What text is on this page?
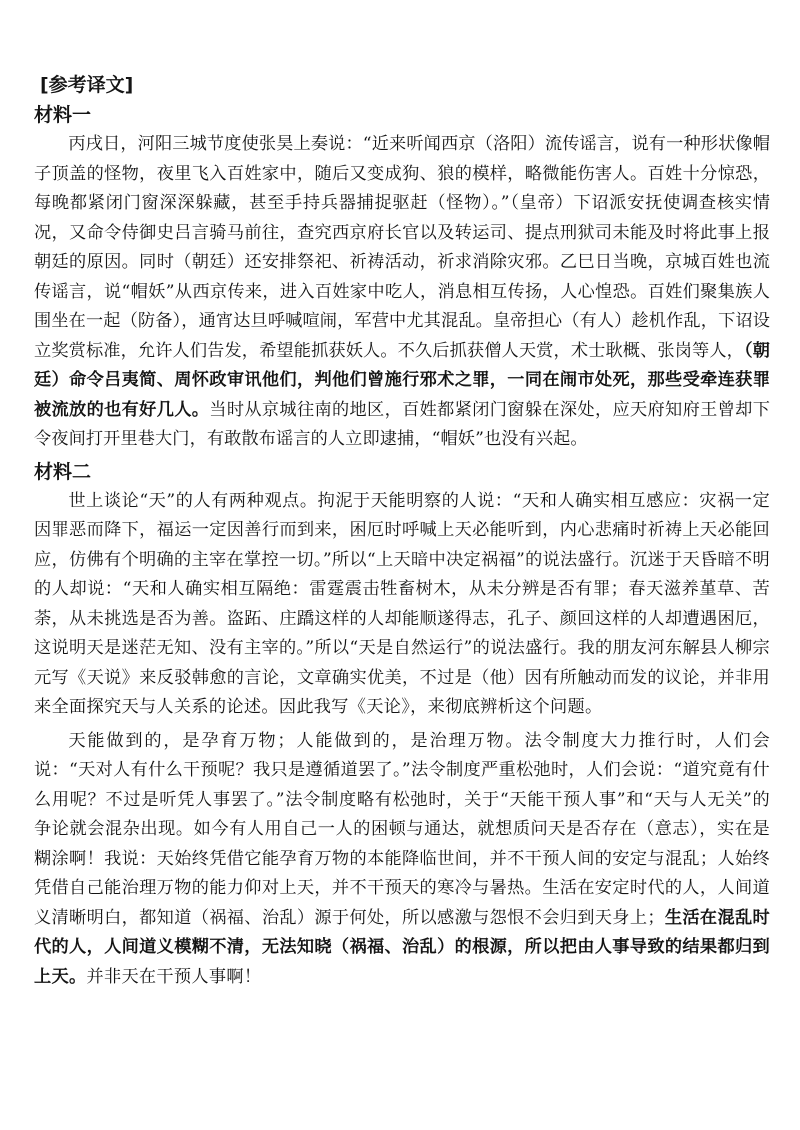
[参考译文]
材料一

丙戌日，河阳三城节度使张昊上奏说：“近来听闻西京（洛阳）流传谣言，说有一种形状像帽子顶盖的怪物，夜里飞入百姓家中，随后又变成狗、狼的模样，略微能伤害人。百姓十分惊恐，每晚都紧闭门窗深深躲藏，甚至手持兵器捕捉驱赶（怪物）。”（皇帝）下诏派安抚使调查核实情况，又命令侍御史吕言骑马前往，查究西京府长官以及转运司、提点刑狱司未能及时将此事上报朝廷的原因。同时（朝廷）还安排祭祀、祈祷活动，祈求消除灾邪。乙巳日当晚，京城百姓也流传谣言，说“帽妖”从西京传来，进入百姓家中吃人，消息相互传扬，人心惶恐。百姓们聚集族人围坐在一起（防备），通宵达旦呼喊喧闹，军营中尤其混乱。皇帝担心（有人）趁机作乱，下诏设立奖赏标准，允许人们告发，希望能抓获妖人。不久后抓获僧人天赏，术士耿概、张岗等人，（朝廷）命令吕夷简、周怀政审讯他们，判他们曾施行邪术之罪，一同在闹市处死，那些受牵连获罪被流放的也有好几人。当时从京城往南的地区，百姓都紧闭门窗躲在深处，应天府知府王曾却下令夜间打开里巷大门，有敢散布谣言的人立即逮捕，“帽妖”也没有兴起。

材料二

世上谈论“天”的人有两种观点。拘泥于天能明察的人说：“天和人确实相互感应：灾祸一定因罪恶而降下，福运一定因善行而到来，困厄时呼喊上天必能听到，内心悲痛时祈祷上天必能回应，仿佛有个明确的主宰在掌控一切。”所以“上天暗中决定祸福”的说法盛行。沉迷于天昏暗不明的人却说：“天和人确实相互隔绝：雷霆震击牲畜树木，从未分辨是否有罪；春天滋养堇草、苦荼，从未挑选是否为善。盗跖、庄蹻这样的人却能顺遂得志，孔子、颜回这样的人却遭遇困厄，这说明天是迷茫无知、没有主宰的。”所以“天是自然运行”的说法盛行。我的朋友河东解县人柳宗元写《天说》来反驳韩愈的言论，文章确实优美，不过是（他）因有所触动而发的议论，并非用来全面探究天与人关系的论述。因此我写《天论》，来彻底辨析这个问题。

天能做到的，是孕育万物；人能做到的，是治理万物。法令制度大力推行时，人们会说：“天对人有什么干预呢？我只是遵循道罢了。”法令制度严重松弛时，人们会说：“道究竟有什么用呢？不过是听凭人事罢了。”法令制度略有松弛时，关于“天能干预人事”和“天与人无关”的争论就会混杂出现。如今有人用自己一人的困顿与通达，就想质问天是否存在（意志），实在是糊涂啊！我说：天始终凭借它能孕育万物的本能降临世间，并不干预人间的安定与混乱；人始终凭借自己能治理万物的能力仰对上天，并不干预天的寒冷与暑热。生活在安定时代的人，人间道义清晰明白，都知道（祸福、治乱）源于何处，所以感激与怨恨不会归到天身上；生活在混乱时代的人，人间道义模糊不清，无法知晓（祸福、治乱）的根源，所以把由人事导致的结果都归到上天。并非天在干预人事啊！
